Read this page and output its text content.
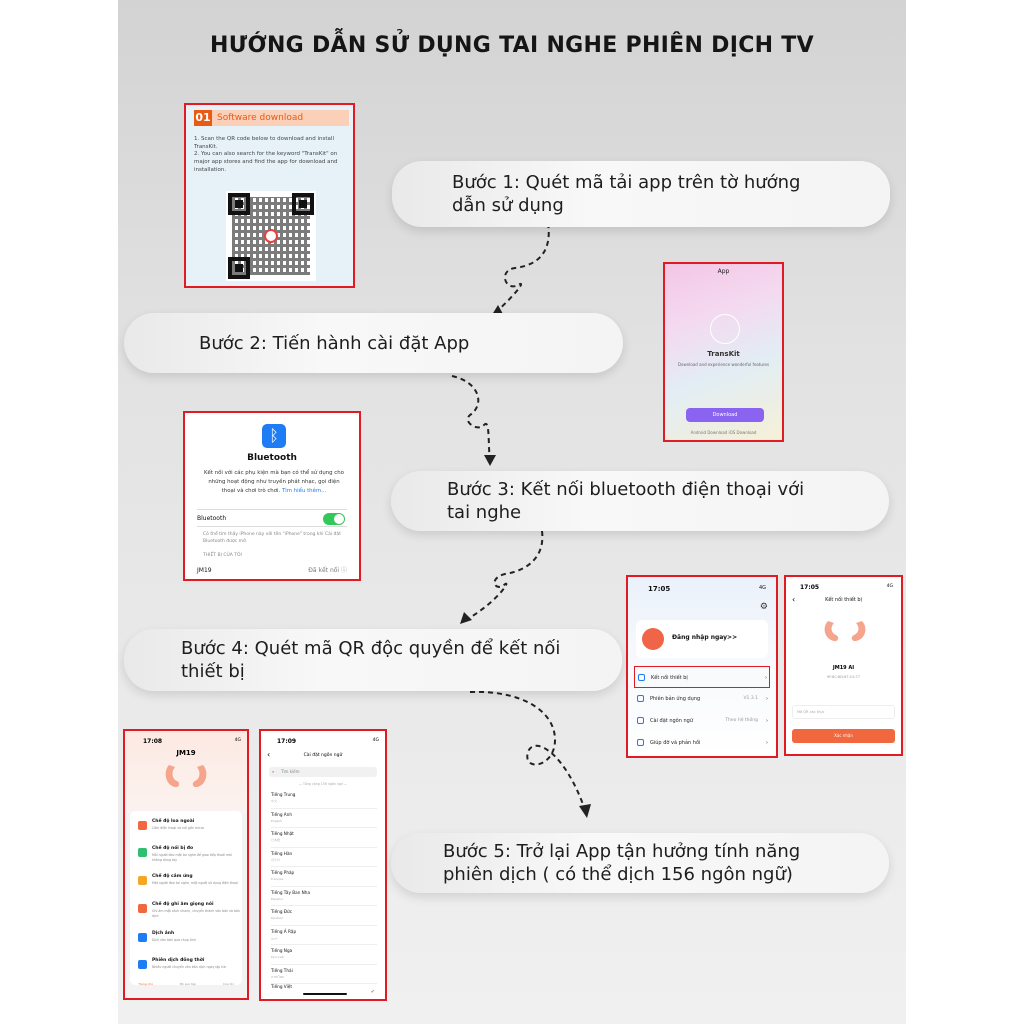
HƯỚNG DẪN SỬ DỤNG TAI NGHE PHIÊN DỊCH TV
Bước 1: Quét mã tải app trên tờ hướng
dẫn sử dụng
Bước 2: Tiến hành cài đặt App
Bước 3: Kết nối bluetooth điện thoại với
tai nghe
Bước 4: Quét mã QR độc quyền để kết nối
thiết bị
Bước 5: Trở lại App tận hưởng tính năng
phiên dịch ( có thể dịch 156 ngôn ngữ)
01 Software download

1. Scan the QR code below to download and install TransKit.

2. You can also search for the keyword "TransKit" on major app stores and find the app for download and installation.

App
TransKit
Download and experience wonderful features
Download
Android Download iOS Download
ᛒ
Bluetooth
Kết nối với các phụ kiện mà bạn có thể sử dụng cho những hoạt động như truyền phát nhạc, gọi điện thoại và chơi trò chơi. Tìm hiểu thêm...
Bluetooth
Có thể tìm thấy iPhone này với tên "iPhone" trong khi Cài đặt Bluetooth được mở.
THIẾT BỊ CỦA TÔI
JM19	Đã kết nối ⓘ
17:05	4G
⚙
Đăng nhập ngay>>
Kết nối thiết bị	›
Phiên bản ứng dụng	V1.3.1 ›
Cài đặt ngôn ngữ	Theo hệ thống ›
Giúp đỡ và phản hồi	›
17:05	4G
‹	Kết nối thiết bị
JM19 AI
9F:8C:8D:67:C4:77
Mã QR xác thực
Xác nhận
17:08	4G
JM19
Chế độ loa ngoài
Cầm điện thoại và nói gần micro
Chế độ nói bị đo
Mỗi người đeo một tai nghe để giao tiếp thoải mái không dùng tay
Chế độ cảm ứng
Một người đeo tai nghe, một người sử dụng điện thoại
Chế độ ghi âm giọng nói
Ghi âm một cách nhanh, chuyển thành văn bản và bản dịch
Dịch ảnh
Dịch văn bản qua chụp ảnh
Phiên dịch đồng thời
Nhiều người chuyển văn bản dịch ngay lập tức
Trang chủ	Bộ sưu tập	Của tôi
17:09	4G
‹	Cài đặt ngôn ngữ
⌕ Tìm kiếm
— Tổng cộng 156 ngôn ngữ —
Tiếng Trung
中文
Tiếng Anh
English
Tiếng Nhật
日本語
Tiếng Hàn
한국어
Tiếng Pháp
Français
Tiếng Tây Ban Nha
Español
Tiếng Đức
Deutsch
Tiếng Ả Rập
عربي
Tiếng Nga
Русский
Tiếng Thái
ภาษาไทย
Tiếng Việt
✔
